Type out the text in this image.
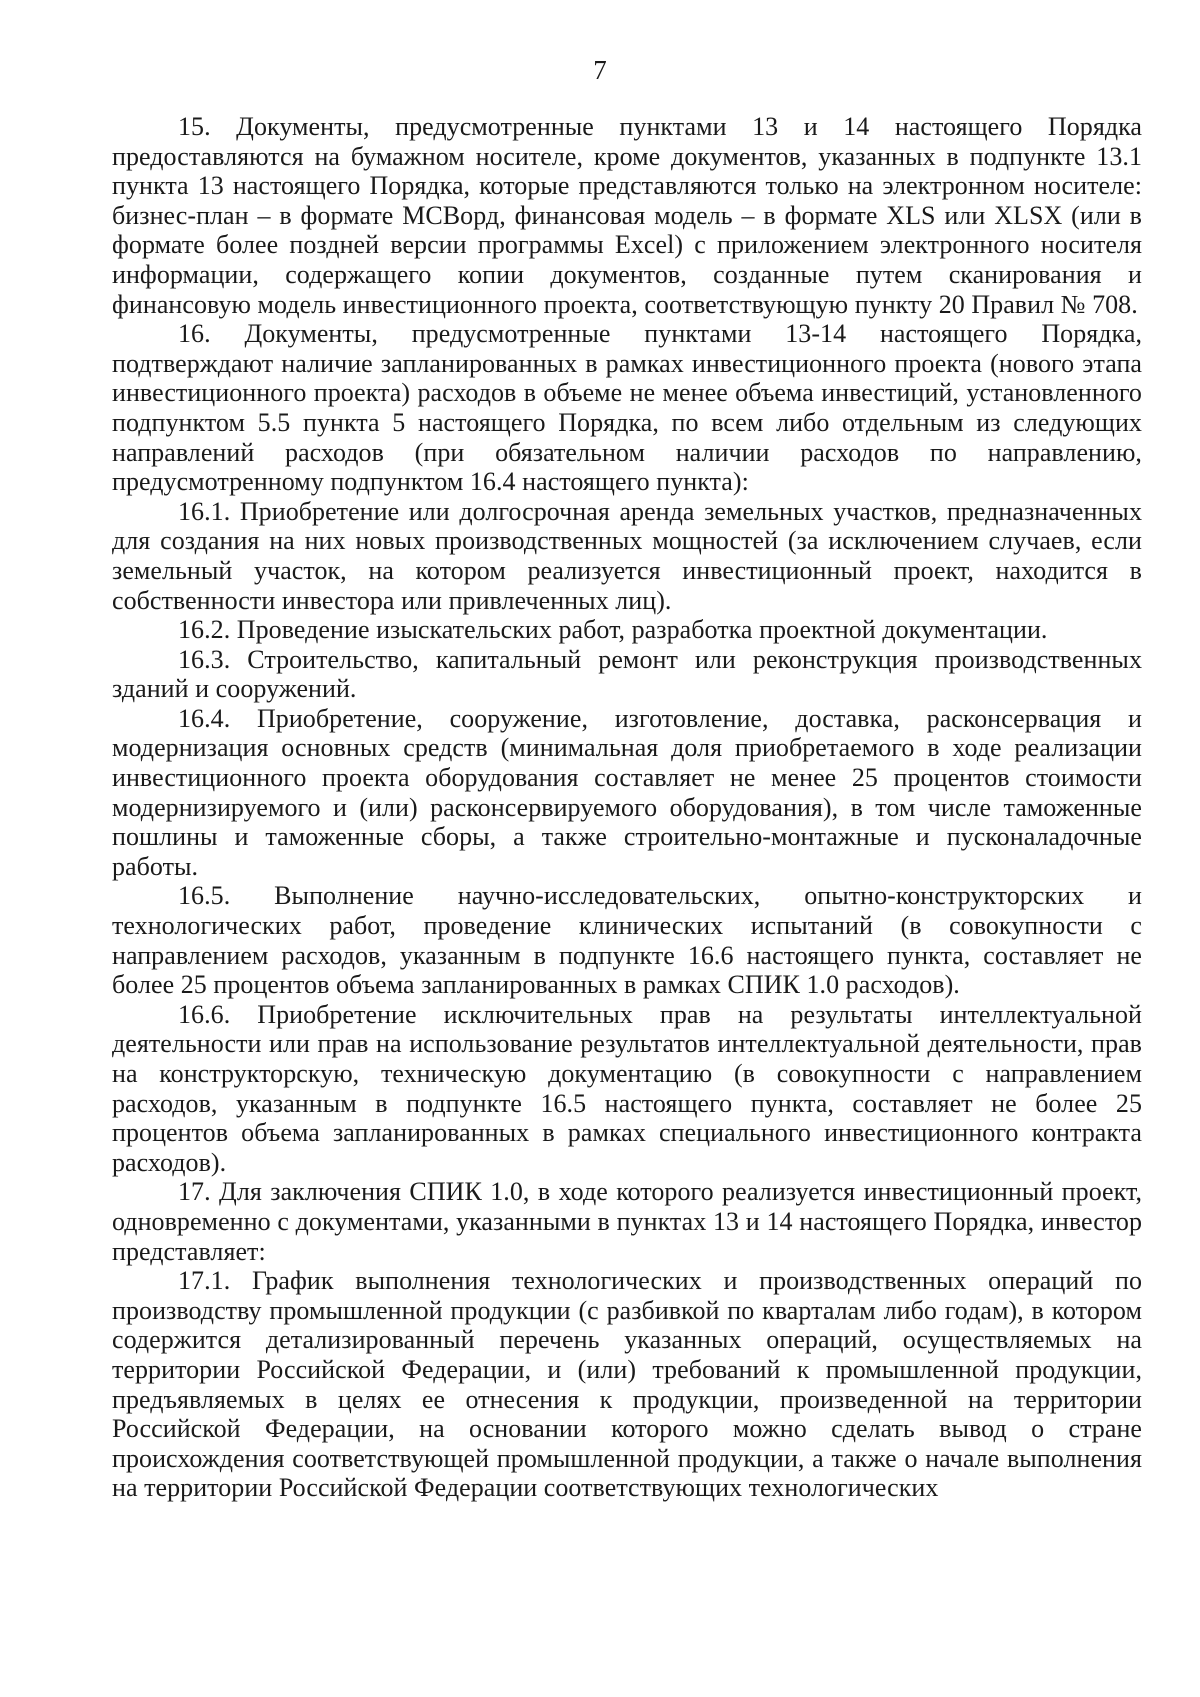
7

15. Документы, предусмотренные пунктами 13 и 14 настоящего Порядка предоставляются на бумажном носителе, кроме документов, указанных в подпункте 13.1 пункта 13 настоящего Порядка, которые представляются только на электронном носителе: бизнес-план – в формате МСВорд, финансовая модель – в формате XLS или XLSX (или в формате более поздней версии программы Excel) с приложением электронного носителя информации, содержащего копии документов, созданные путем сканирования и финансовую модель инвестиционного проекта, соответствующую пункту 20 Правил № 708.

16. Документы, предусмотренные пунктами 13-14 настоящего Порядка, подтверждают наличие запланированных в рамках инвестиционного проекта (нового этапа инвестиционного проекта) расходов в объеме не менее объема инвестиций, установленного подпунктом 5.5 пункта 5 настоящего Порядка, по всем либо отдельным из следующих направлений расходов (при обязательном наличии расходов по направлению, предусмотренному подпунктом 16.4 настоящего пункта):

16.1. Приобретение или долгосрочная аренда земельных участков, предназначенных для создания на них новых производственных мощностей (за исключением случаев, если земельный участок, на котором реализуется инвестиционный проект, находится в собственности инвестора или привлеченных лиц).

16.2. Проведение изыскательских работ, разработка проектной документации.

16.3. Строительство, капитальный ремонт или реконструкция производственных зданий и сооружений.

16.4. Приобретение, сооружение, изготовление, доставка, расконсервация и модернизация основных средств (минимальная доля приобретаемого в ходе реализации инвестиционного проекта оборудования составляет не менее 25 процентов стоимости модернизируемого и (или) расконсервируемого оборудования), в том числе таможенные пошлины и таможенные сборы, а также строительно-монтажные и пусконаладочные работы.

16.5. Выполнение научно-исследовательских, опытно-конструкторских и технологических работ, проведение клинических испытаний (в совокупности с направлением расходов, указанным в подпункте 16.6 настоящего пункта, составляет не более 25 процентов объема запланированных в рамках СПИК 1.0 расходов).

16.6. Приобретение исключительных прав на результаты интеллектуальной деятельности или прав на использование результатов интеллектуальной деятельности, прав на конструкторскую, техническую документацию (в совокупности с направлением расходов, указанным в подпункте 16.5 настоящего пункта, составляет не более 25 процентов объема запланированных в рамках специального инвестиционного контракта расходов).

17. Для заключения СПИК 1.0, в ходе которого реализуется инвестиционный проект, одновременно с документами, указанными в пунктах 13 и 14 настоящего Порядка, инвестор представляет:

17.1. График выполнения технологических и производственных операций по производству промышленной продукции (с разбивкой по кварталам либо годам), в котором содержится детализированный перечень указанных операций, осуществляемых на территории Российской Федерации, и (или) требований к промышленной продукции, предъявляемых в целях ее отнесения к продукции, произведенной на территории Российской Федерации, на основании которого можно сделать вывод о стране происхождения соответствующей промышленной продукции, а также о начале выполнения на территории Российской Федерации соответствующих технологических
